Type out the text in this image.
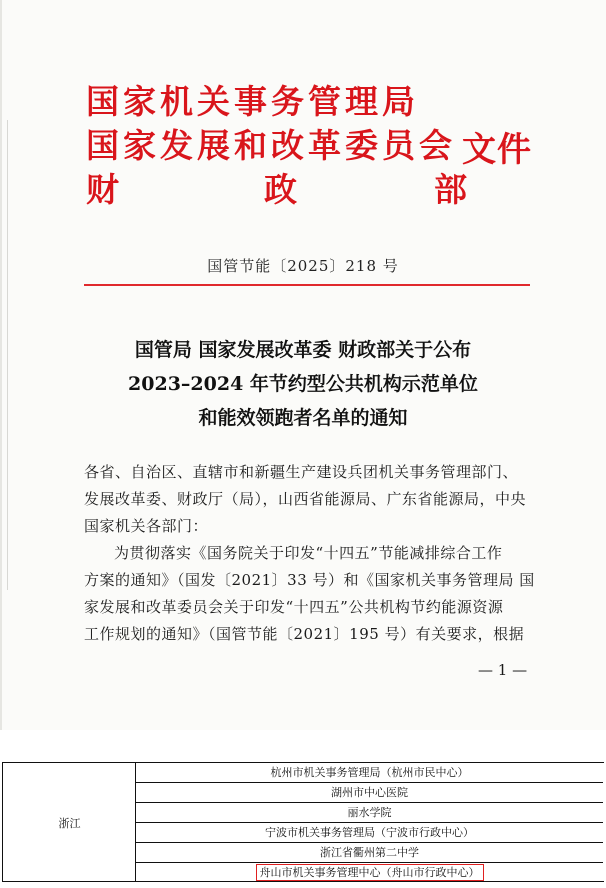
国家机关事务管理局
国家发展和改革委员会
财	政	部
文件
国管节能〔2025〕218 号
国管局 国家发展改革委 财政部关于公布
2023–2024 年节约型公共机构示范单位
和能效领跑者名单的通知
各省、自治区、直辖市和新疆生产建设兵团机关事务管理部门、
发展改革委、财政厅（局），山西省能源局、广东省能源局，中央
国家机关各部门：
为贯彻落实《国务院关于印发“十四五”节能减排综合工作
方案的通知》（国发〔2021〕33 号）和《国家机关事务管理局 国
家发展和改革委员会关于印发“十四五”公共机构节约能源资源
工作规划的通知》（国管节能〔2021〕195 号）有关要求，根据
— 1 —
浙江
杭州市机关事务管理局（杭州市民中心）
湖州市中心医院
丽水学院
宁波市机关事务管理局（宁波市行政中心）
浙江省衢州第二中学
舟山市机关事务管理中心（舟山市行政中心）
